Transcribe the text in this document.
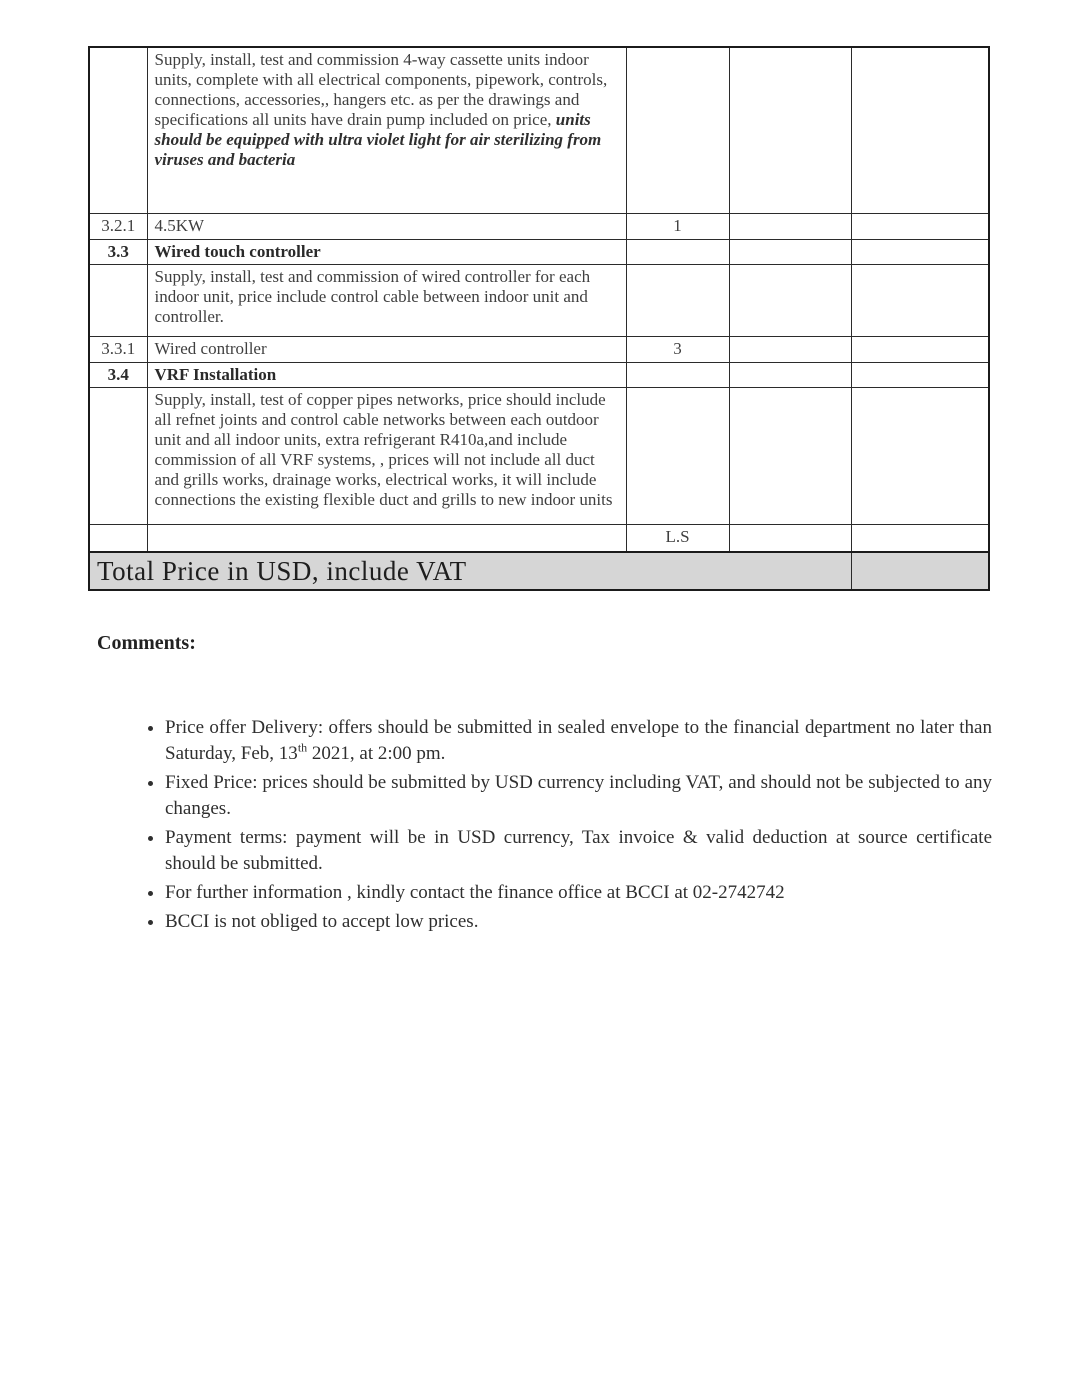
	Supply, install, test and commission 4-way cassette units indoor units, complete with all electrical components, pipework, controls, connections, accessories,, hangers etc. as per the drawings and specifications all units have drain pump included on price, units should be equipped with ultra violet light for air sterilizing from viruses and bacteria			
3.2.1	4.5KW	1		
3.3	Wired touch controller			
	Supply, install, test and commission of wired controller for each indoor unit, price include control cable between indoor unit and controller.			
3.3.1	Wired controller	3		
3.4	VRF Installation			
	Supply, install, test of copper pipes networks, price should include all refnet joints and control cable networks between each outdoor unit and all indoor units, extra refrigerant R410a,and include commission of all VRF systems, , prices will not include all duct and grills works, drainage works, electrical works, it will include connections the existing flexible duct and grills to new indoor units			
		L.S		
Total Price in USD, include VAT				
Comments:
• Price offer Delivery: offers should be submitted in sealed envelope to the financial department no later than Saturday, Feb, 13th 2021, at 2:00 pm.
• Fixed Price: prices should be submitted by USD currency including VAT, and should not be subjected to any changes.
• Payment terms: payment will be in USD currency, Tax invoice & valid deduction at source certificate should be submitted.
• For further information , kindly contact the finance office at BCCI at 02-2742742
• BCCI is not obliged to accept low prices.
